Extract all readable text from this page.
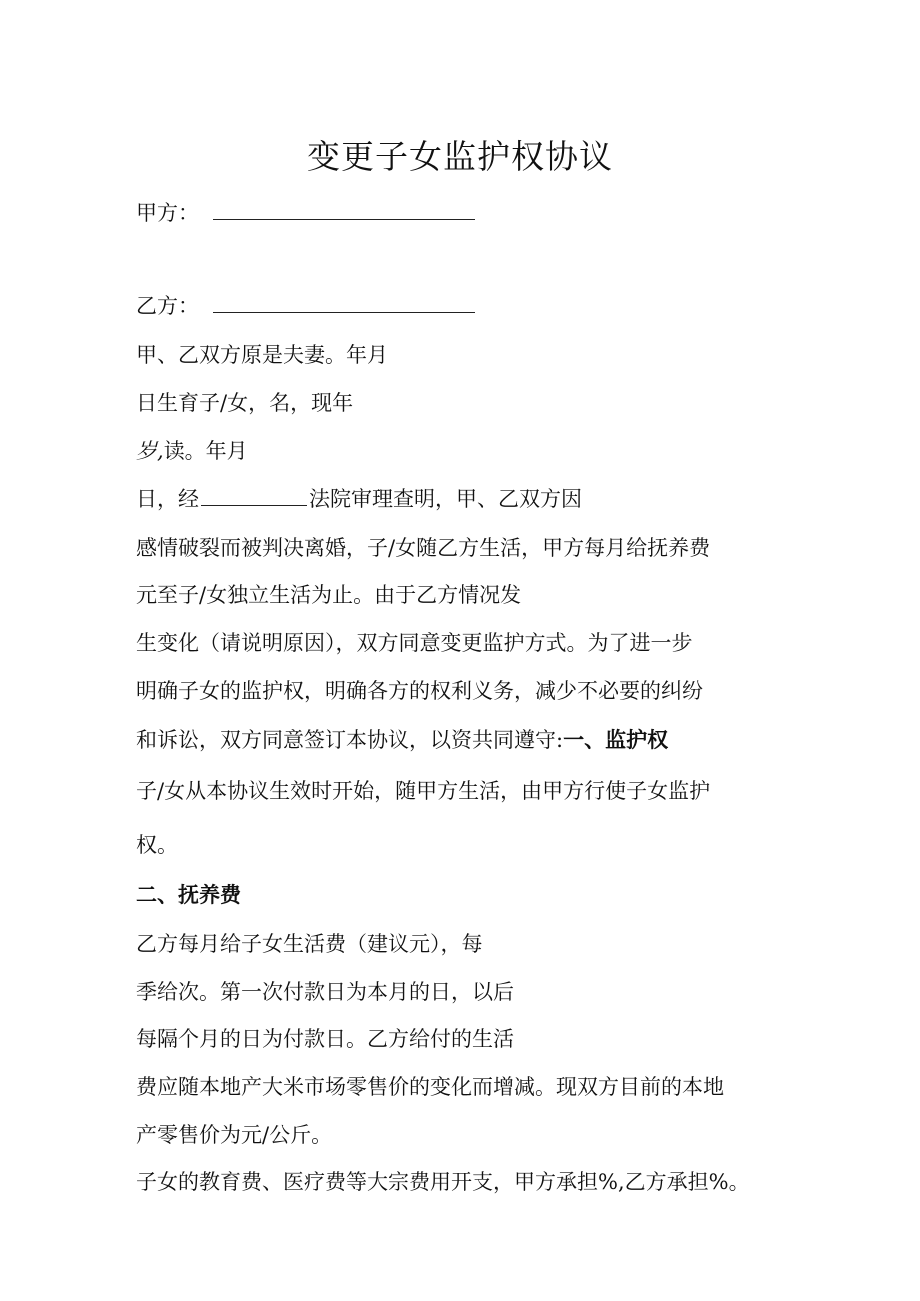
变更子女监护权协议
甲方：
乙方：
甲、乙双方原是夫妻。年月
日生育子/女，名，现年
岁,读。年月
日，经	法院审理查明，甲、乙双方因
感情破裂而被判决离婚，子/女随乙方生活，甲方每月给抚养费
元至子/女独立生活为止。由于乙方情况发
生变化（请说明原因），双方同意变更监护方式。为了进一步
明确子女的监护权，明确各方的权利义务，减少不必要的纠纷
和诉讼，双方同意签订本协议，以资共同遵守:一、监护权
子/女从本协议生效时开始，随甲方生活，由甲方行使子女监护
权。
二、抚养费
乙方每月给子女生活费（建议元），每
季给次。第一次付款日为本月的日，以后
每隔个月的日为付款日。乙方给付的生活
费应随本地产大米市场零售价的变化而增减。现双方目前的本地
产零售价为元/公斤。
子女的教育费、医疗费等大宗费用开支，甲方承担%,乙方承担%。
